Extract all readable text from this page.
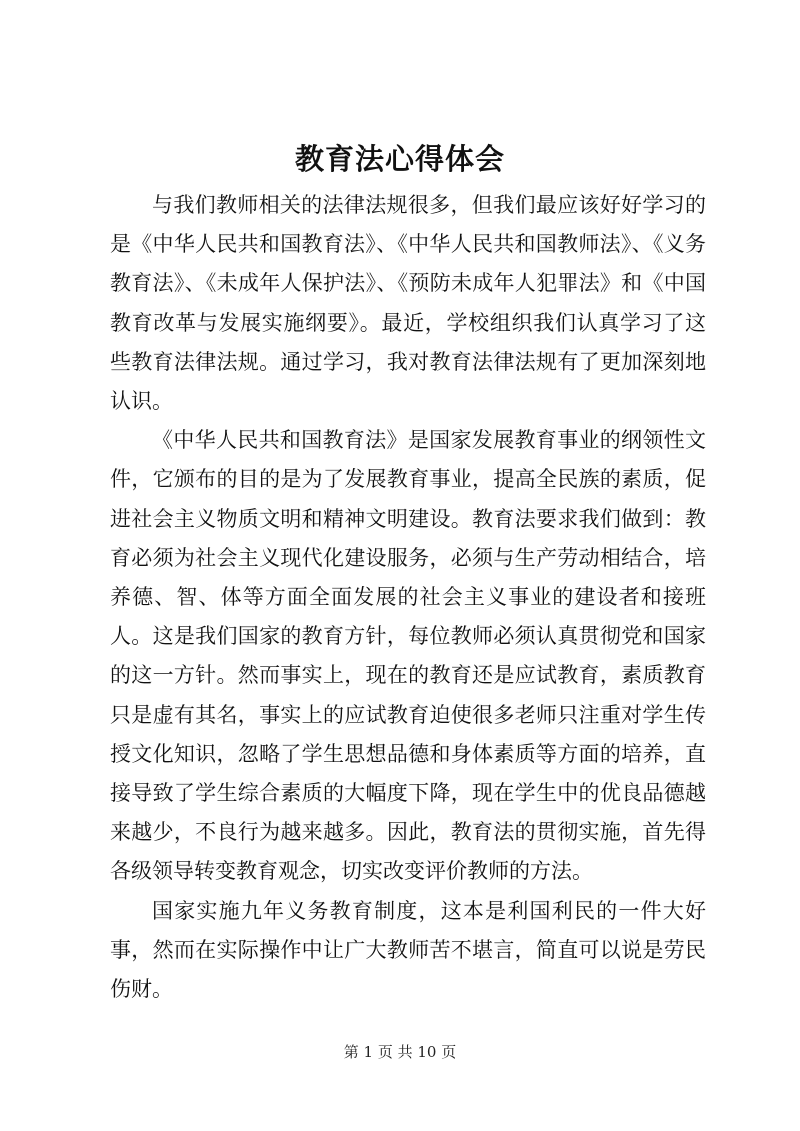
教育法心得体会

与我们教师相关的法律法规很多，但我们最应该好好学习的是《中华人民共和国教育法》、《中华人民共和国教师法》、《义务教育法》、《未成年人保护法》、《预防未成年人犯罪法》和《中国教育改革与发展实施纲要》。最近，学校组织我们认真学习了这些教育法律法规。通过学习，我对教育法律法规有了更加深刻地认识。

《中华人民共和国教育法》是国家发展教育事业的纲领性文件，它颁布的目的是为了发展教育事业，提高全民族的素质，促进社会主义物质文明和精神文明建设。教育法要求我们做到：教育必须为社会主义现代化建设服务，必须与生产劳动相结合，培养德、智、体等方面全面发展的社会主义事业的建设者和接班人。这是我们国家的教育方针，每位教师必须认真贯彻党和国家的这一方针。然而事实上，现在的教育还是应试教育，素质教育只是虚有其名，事实上的应试教育迫使很多老师只注重对学生传授文化知识，忽略了学生思想品德和身体素质等方面的培养，直接导致了学生综合素质的大幅度下降，现在学生中的优良品德越来越少，不良行为越来越多。因此，教育法的贯彻实施，首先得各级领导转变教育观念，切实改变评价教师的方法。

国家实施九年义务教育制度，这本是利国利民的一件大好事，然而在实际操作中让广大教师苦不堪言，简直可以说是劳民伤财。

第 1 页 共 10 页
